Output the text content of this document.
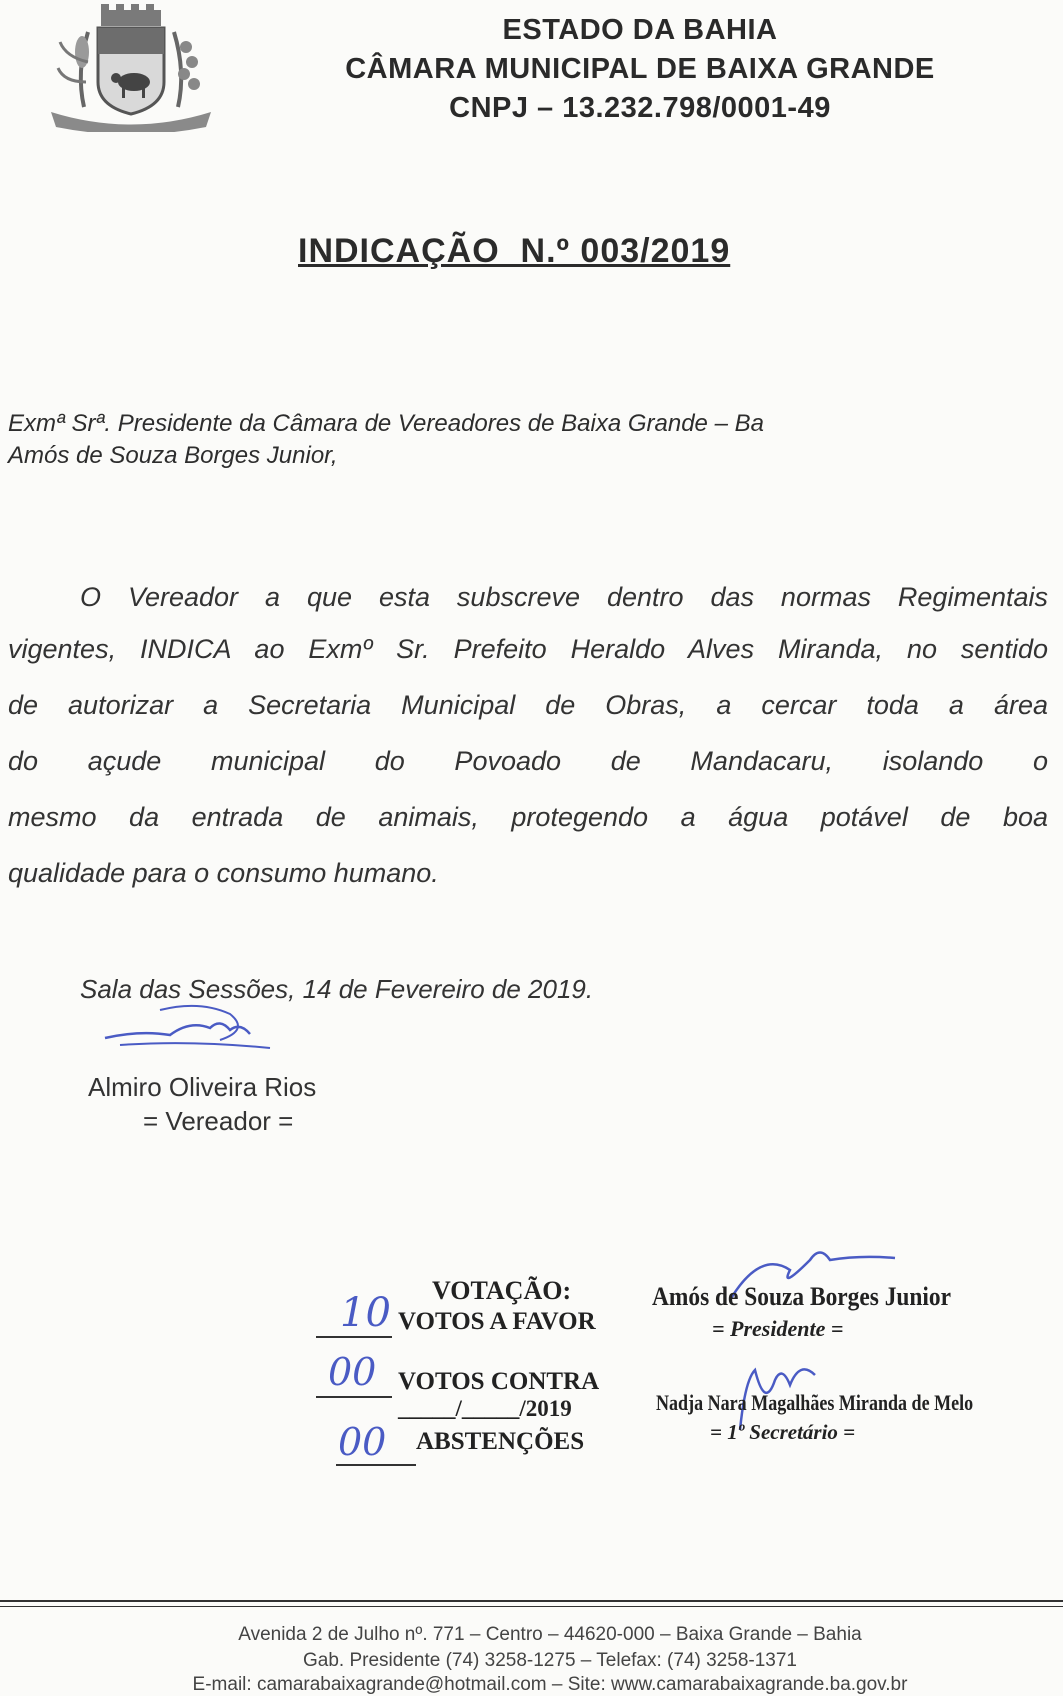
ESTADO DA BAHIA
CÂMARA MUNICIPAL DE BAIXA GRANDE
CNPJ – 13.232.798/0001-49
INDICAÇÃO  N.º 003/2019
Exmª Srª. Presidente da Câmara de Vereadores de Baixa Grande – Ba
Amós de Souza Borges Junior,
O Vereador a que esta subscreve dentro das normas Regimentais
vigentes, INDICA ao Exmº Sr. Prefeito Heraldo Alves Miranda, no sentido
de autorizar a Secretaria Municipal de Obras, a cercar toda a área
do açude municipal do Povoado de Mandacaru, isolando o
mesmo da entrada de animais, protegendo a água potável de boa
qualidade para o consumo humano.
Sala das Sessões, 14 de Fevereiro de 2019.
Almiro Oliveira Rios
= Vereador =
VOTAÇÃO:
10 VOTOS A FAVOR
00 VOTOS CONTRA
_____/_____/2019
00 ABSTENÇÕES
Amós de Souza Borges Junior
= Presidente =
Nadja Nara Magalhães Miranda de Melo
= 1º Secretário =
Avenida 2 de Julho nº. 771 – Centro – 44620-000 – Baixa Grande – Bahia
Gab. Presidente (74) 3258-1275 – Telefax: (74) 3258-1371
E-mail: camarabaixagrande@hotmail.com – Site: www.camarabaixagrande.ba.gov.br
